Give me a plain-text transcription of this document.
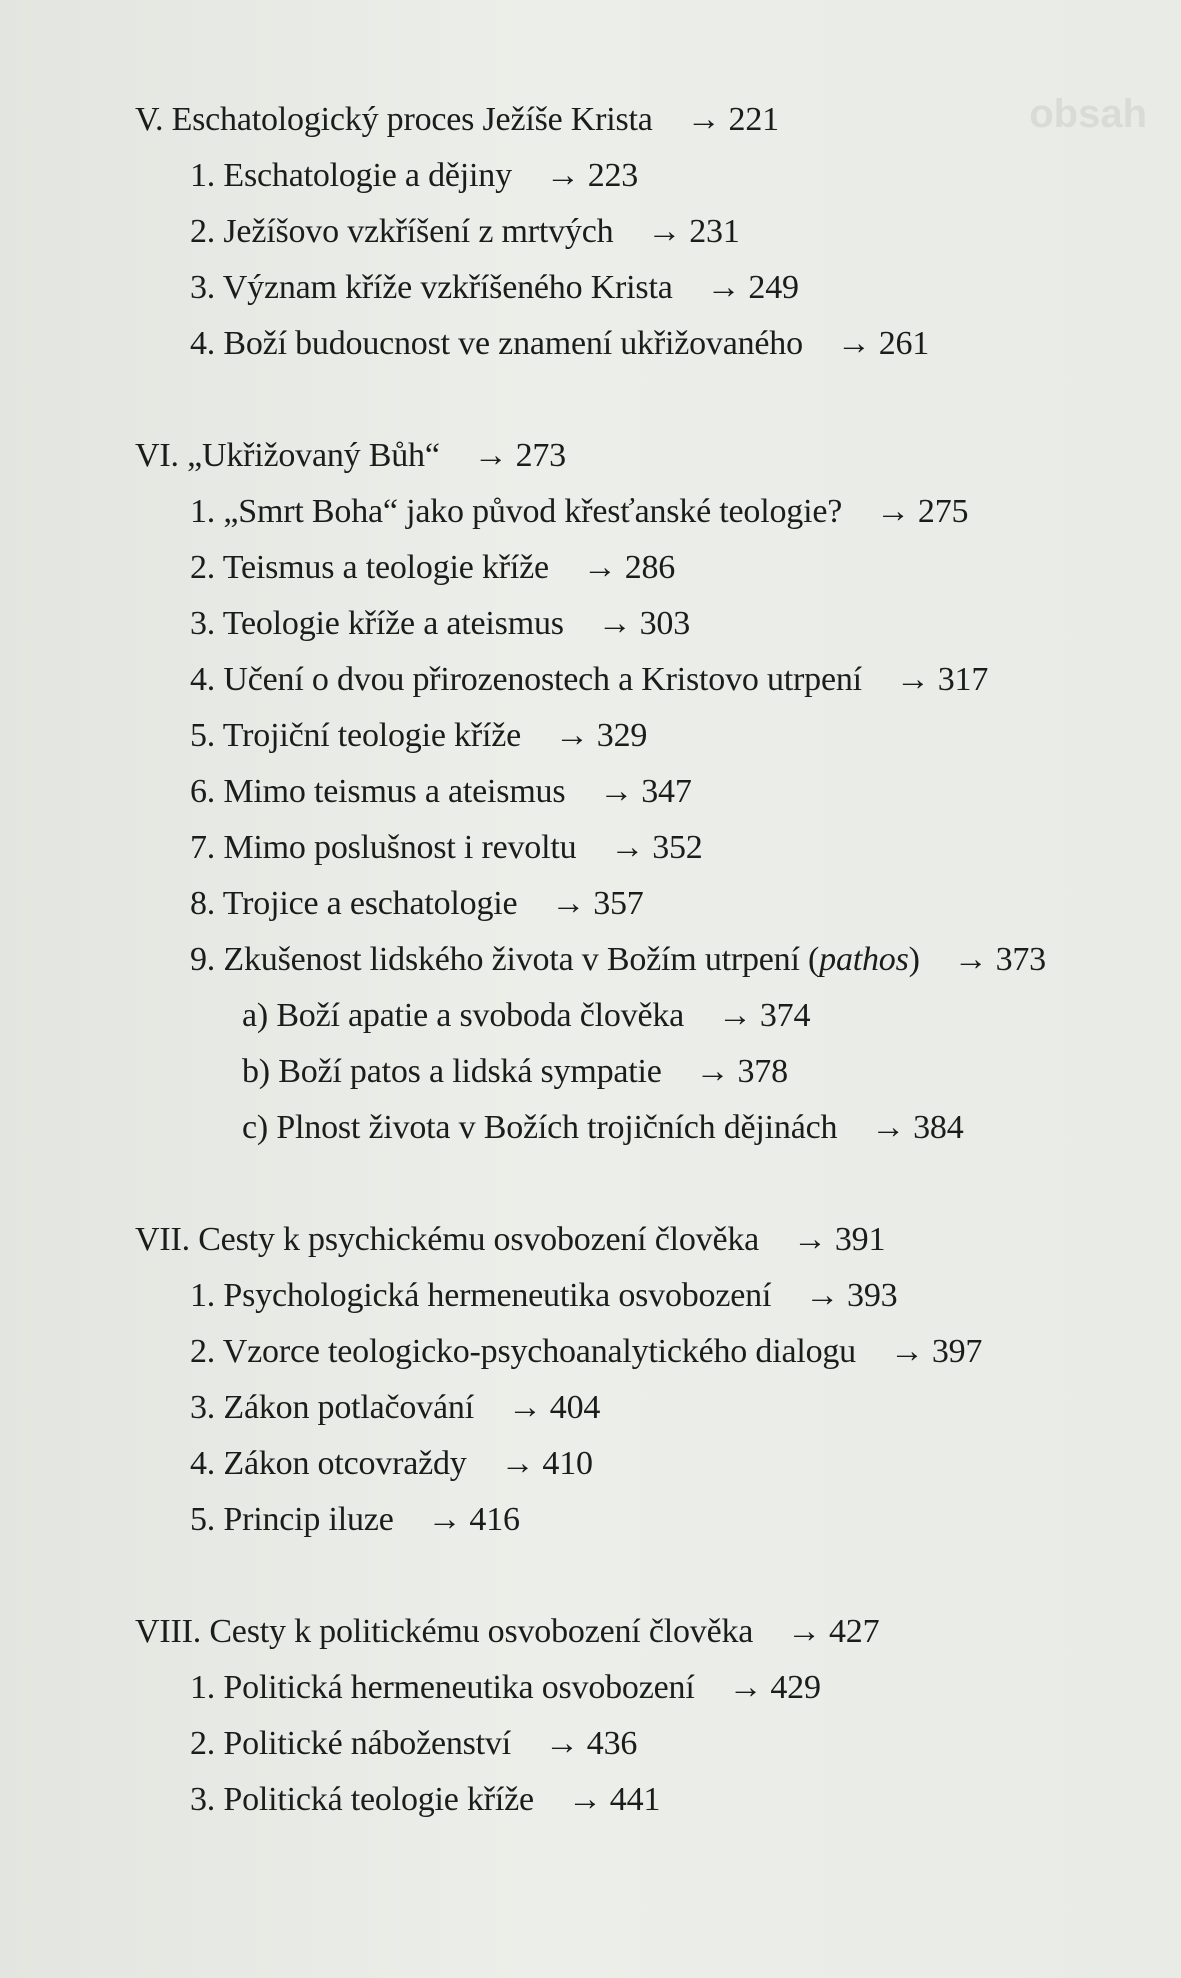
obsah
V. Eschatologický proces Ježíše Krista → 221
1. Eschatologie a dějiny → 223
2. Ježíšovo vzkříšení z mrtvých → 231
3. Význam kříže vzkříšeného Krista → 249
4. Boží budoucnost ve znamení ukřižovaného → 261
VI. „Ukřižovaný Bůh“ → 273
1. „Smrt Boha“ jako původ křesťanské teologie? → 275
2. Teismus a teologie kříže → 286
3. Teologie kříže a ateismus → 303
4. Učení o dvou přirozenostech a Kristovo utrpení → 317
5. Trojiční teologie kříže → 329
6. Mimo teismus a ateismus → 347
7. Mimo poslušnost i revoltu → 352
8. Trojice a eschatologie → 357
9. Zkušenost lidského života v Božím utrpení (pathos) → 373
a) Boží apatie a svoboda člověka → 374
b) Boží patos a lidská sympatie → 378
c) Plnost života v Božích trojičních dějinách → 384
VII. Cesty k psychickému osvobození člověka → 391
1. Psychologická hermeneutika osvobození → 393
2. Vzorce teologicko-psychoanalytického dialogu → 397
3. Zákon potlačování → 404
4. Zákon otcovraždy → 410
5. Princip iluze → 416
VIII. Cesty k politickému osvobození člověka → 427
1. Politická hermeneutika osvobození → 429
2. Politické náboženství → 436
3. Politická teologie kříže → 441
